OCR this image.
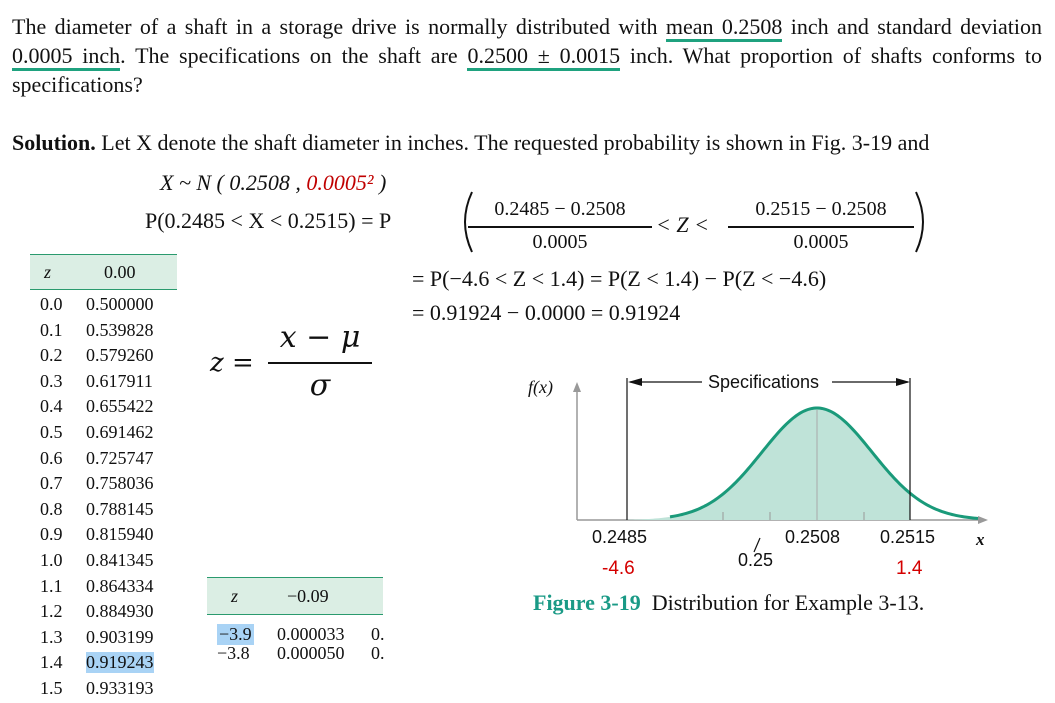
The diameter of a shaft in a storage drive is normally distributed with mean 0.2508 inch and standard deviation 0.0005 inch. The specifications on the shaft are 0.2500 ± 0.0015 inch. What proportion of shafts conforms to specifications?
Solution. Let X denote the shaft diameter in inches. The requested probability is shown in Fig. 3-19 and
X ~ N ( 0.2508 , 0.0005² )
P(0.2485 < X < 0.2515) = P	0.2485 − 0.2508
0.0005
< Z <
0.2515 − 0.2508
0.0005
= P(−4.6 < Z < 1.4) = P(Z < 1.4) − P(Z < −4.6)
= 0.91924 − 0.0000 = 0.91924
z	0.00
0.0	0.500000
0.1	0.539828
0.2	0.579260
0.3	0.617911
0.4	0.655422
0.5	0.691462
0.6	0.725747
0.7	0.758036
0.8	0.788145
0.9	0.815940
1.0	0.841345
1.1	0.864334
1.2	0.884930
1.3	0.903199
1.4	0.919243
1.5	0.933193
z =
x − μ
σ
z	−0.09
−3.9 0.000033 0.
−3.8 0.000050 0.
f(x)	Specifications
0.2485	0.2508 0.2515
0.25
x
-4.6	1.4
Figure 3-19 Distribution for Example 3-13.
